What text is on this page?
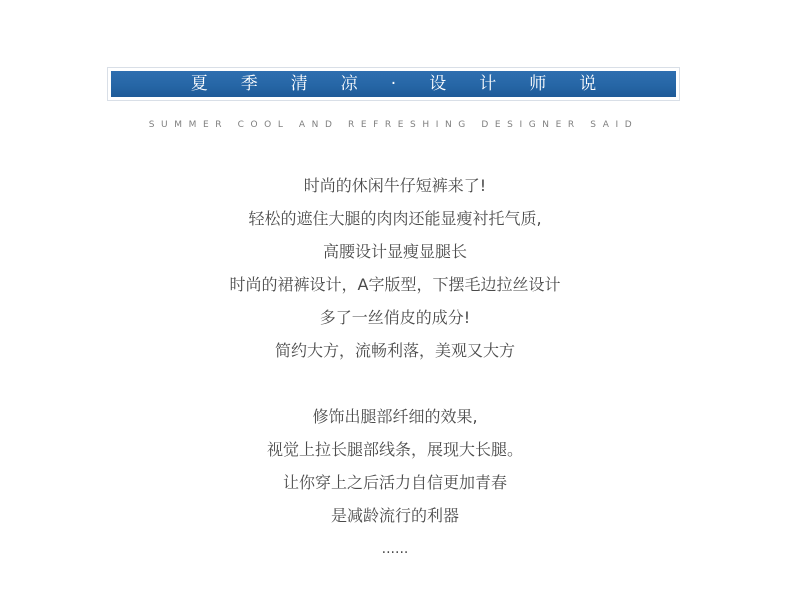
夏季清凉·设计师说
SUMMER COOL AND REFRESHING DESIGNER SAID
时尚的休闲牛仔短裤来了!
轻松的遮住大腿的肉肉还能显瘦衬托气质,
高腰设计显瘦显腿长
时尚的裙裤设计，A字版型，下摆毛边拉丝设计
多了一丝俏皮的成分!
简约大方，流畅利落，美观又大方
修饰出腿部纤细的效果,
视觉上拉长腿部线条，展现大长腿。
让你穿上之后活力自信更加青春
是减龄流行的利器
......
